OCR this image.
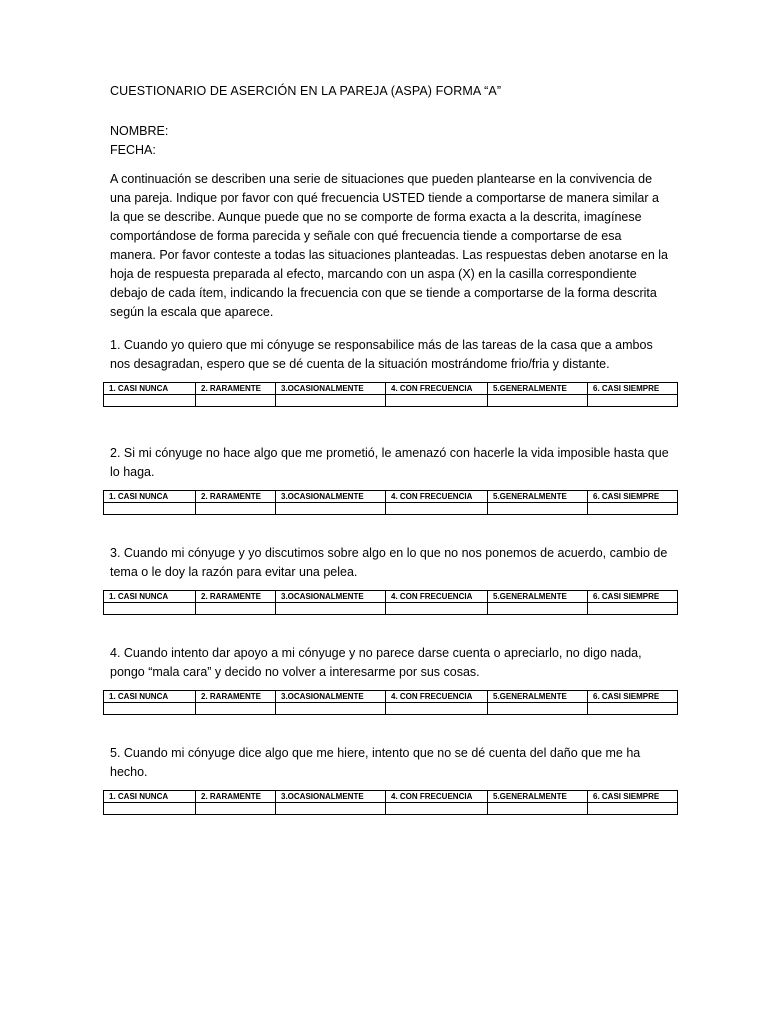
CUESTIONARIO DE ASERCIÓN EN LA PAREJA (ASPA) FORMA “A”
NOMBRE:
FECHA:
A continuación se describen una serie de situaciones que pueden plantearse en la convivencia de una pareja. Indique por favor con qué frecuencia USTED tiende a comportarse de manera similar a la que se describe. Aunque puede que no se comporte de forma exacta a la descrita, imagínese comportándose de forma parecida y señale con qué frecuencia tiende a comportarse de esa manera. Por favor conteste a todas las situaciones planteadas. Las respuestas deben anotarse en la hoja de respuesta preparada al efecto, marcando con un aspa (X) en la casilla correspondiente debajo de cada ítem, indicando la frecuencia con que se tiende a comportarse de la forma descrita según la escala que aparece.
1. Cuando yo quiero que mi cónyuge se responsabilice más de las tareas de la casa que a ambos nos desagradan, espero que se dé cuenta de la situación mostrándome frio/fria y distante.
1. CASI NUNCA	2. RARAMENTE	3.OCASIONALMENTE	4. CON FRECUENCIA	5.GENERALMENTE	6. CASI SIEMPRE

2. Si mi cónyuge no hace algo que me prometió, le amenazó con hacerle la vida imposible hasta que lo haga.
1. CASI NUNCA	2. RARAMENTE	3.OCASIONALMENTE	4. CON FRECUENCIA	5.GENERALMENTE	6. CASI SIEMPRE

3. Cuando mi cónyuge y yo discutimos sobre algo en lo que no nos ponemos de acuerdo, cambio de tema o le doy la razón para evitar una pelea.
1. CASI NUNCA	2. RARAMENTE	3.OCASIONALMENTE	4. CON FRECUENCIA	5.GENERALMENTE	6. CASI SIEMPRE

4. Cuando intento dar apoyo a mi cónyuge y no parece darse cuenta o apreciarlo, no digo nada, pongo “mala cara” y decido no volver a interesarme por sus cosas.
1. CASI NUNCA	2. RARAMENTE	3.OCASIONALMENTE	4. CON FRECUENCIA	5.GENERALMENTE	6. CASI SIEMPRE

5. Cuando mi cónyuge dice algo que me hiere, intento que no se dé cuenta del daño que me ha hecho.
1. CASI NUNCA	2. RARAMENTE	3.OCASIONALMENTE	4. CON FRECUENCIA	5.GENERALMENTE	6. CASI SIEMPRE
